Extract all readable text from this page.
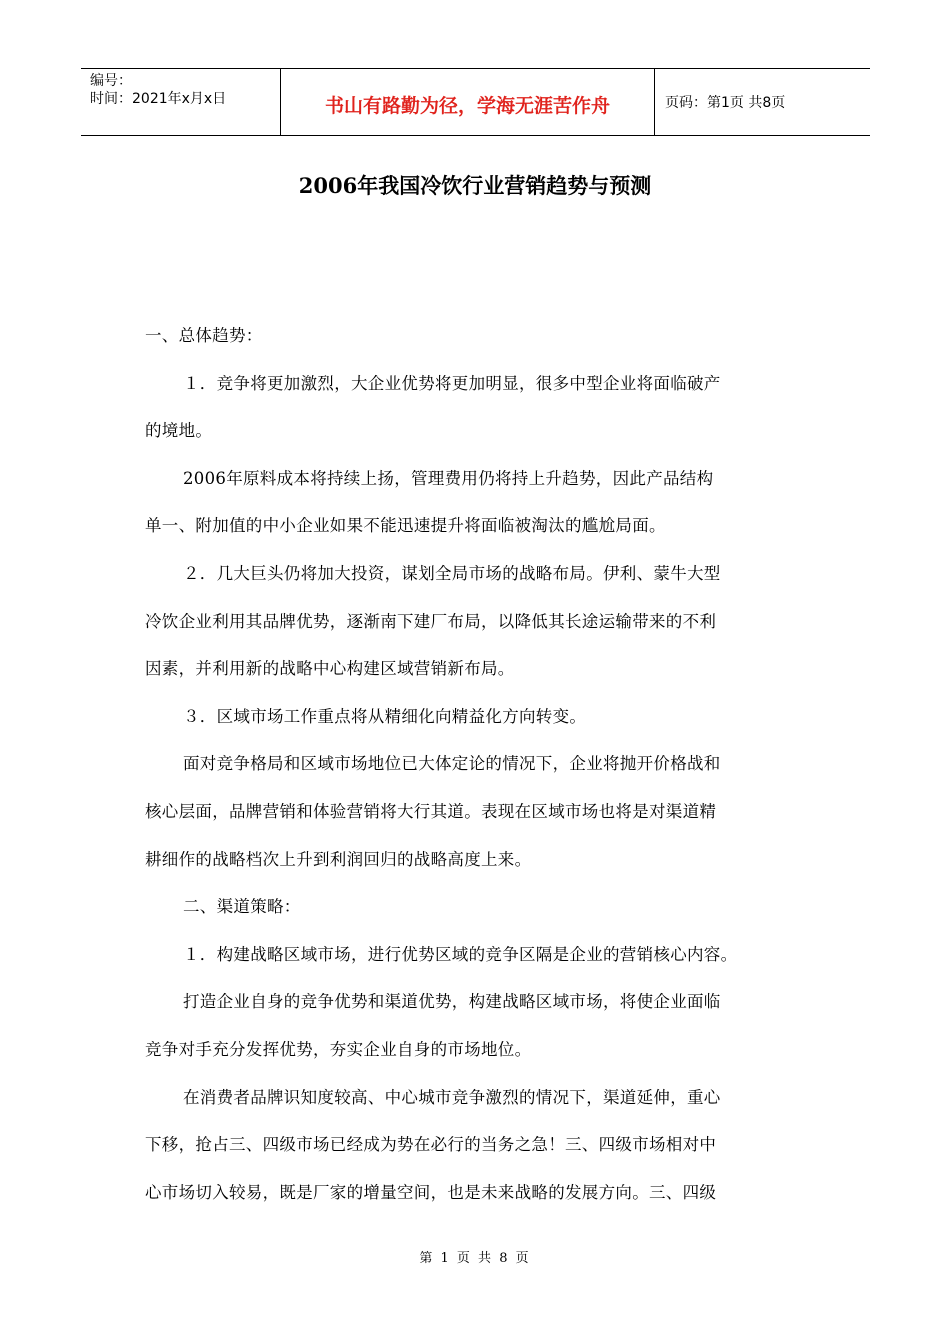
编号：
时间：2021年x月x日	书山有路勤为径，学海无涯苦作舟	页码：第1页 共8页
2006年我国冷饮行业营销趋势与预测

一、总体趋势：

１．竞争将更加激烈，大企业优势将更加明显，很多中型企业将面临破产

的境地。

2006年原料成本将持续上扬，管理费用仍将持上升趋势，因此产品结构

单一、附加值的中小企业如果不能迅速提升将面临被淘汰的尴尬局面。

２．几大巨头仍将加大投资，谋划全局市场的战略布局。伊利、蒙牛大型

冷饮企业利用其品牌优势，逐渐南下建厂布局，以降低其长途运输带来的不利

因素，并利用新的战略中心构建区域营销新布局。

３．区域市场工作重点将从精细化向精益化方向转变。

面对竞争格局和区域市场地位已大体定论的情况下，企业将抛开价格战和

核心层面，品牌营销和体验营销将大行其道。表现在区域市场也将是对渠道精

耕细作的战略档次上升到利润回归的战略高度上来。

二、渠道策略：

１．构建战略区域市场，进行优势区域的竞争区隔是企业的营销核心内容。

打造企业自身的竞争优势和渠道优势，构建战略区域市场，将使企业面临

竞争对手充分发挥优势，夯实企业自身的市场地位。

在消费者品牌识知度较高、中心城市竞争激烈的情况下，渠道延伸，重心

下移，抢占三、四级市场已经成为势在必行的当务之急！三、四级市场相对中

心市场切入较易，既是厂家的增量空间，也是未来战略的发展方向。三、四级

第 1 页 共 8 页
